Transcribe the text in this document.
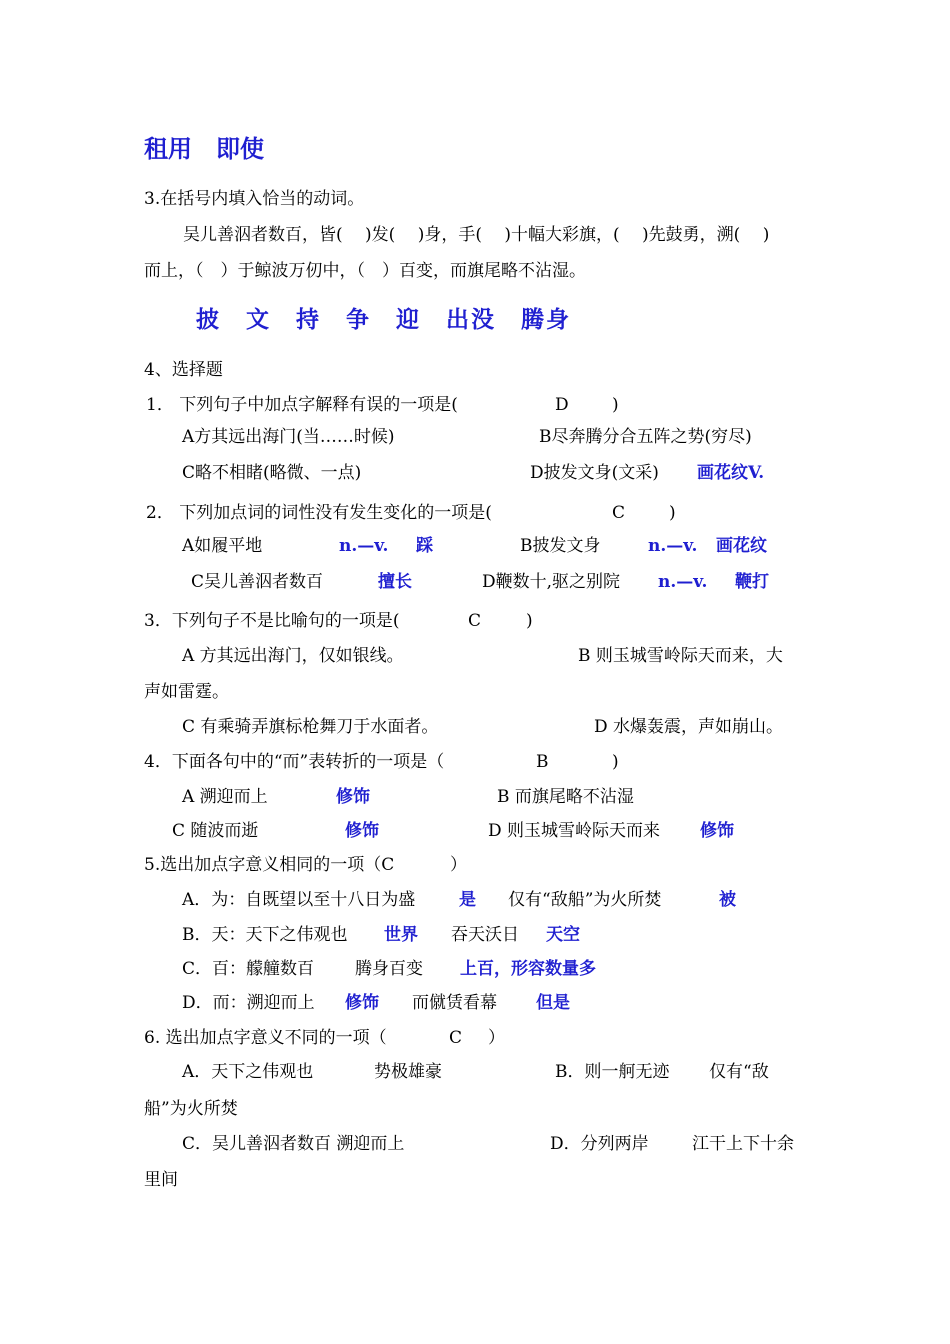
租用　即使
3.在括号内填入恰当的动词。
吴儿善泅者数百，皆(　 )发(　 )身，手(　 )十幅大彩旗，(　 )先鼓勇，溯(　 )
而上，（　）于鲸波万仞中，（　）百变，而旗尾略不沾湿。
披　文　持　争　迎　出没　腾身
4、选择题
1． 下列句子中加点字解释有误的一项是(	D	)
A方其远出海门(当……时候)	B尽奔腾分合五阵之势(穷尽)
C略不相睹(略微、一点)	D披发文身(文采) 画花纹V.
2． 下列加点词的词性没有发生变化的一项是(	C	)
A如履平地	n.—v. 踩	B披发文身	n.—v. 画花纹
C吴儿善泅者数百	擅长	D鞭数十,驱之别院 n.—v. 鞭打
3．下列句子不是比喻句的一项是(	C	)
A 方其远出海门，仅如银线。	B 则玉城雪岭际天而来，大
声如雷霆。
C 有乘骑弄旗标枪舞刀于水面者。	D 水爆轰震，声如崩山。
4．下面各句中的“而”表转折的一项是（	B	)
A 溯迎而上	修饰	B 而旗尾略不沾湿
C 随波而逝	修饰	D 则玉城雪岭际天而来 修饰
5.选出加点字意义相同的一项（C	）
A．为：自既望以至十八日为盛	是 仅有“敌船”为火所焚	被
B．天：天下之伟观也 世界 吞天沃日 天空
C．百：艨艟数百 腾身百变 上百，形容数量多
D．而：溯迎而上 修饰 而僦赁看幕 但是
6. 选出加点字意义不同的一项（	C ）
A．天下之伟观也	势极雄豪	B．则一舸无迹 仅有“敌
船”为火所焚
C．吴儿善泅者数百 溯迎而上	D．分列两岸	江干上下十余
里间
